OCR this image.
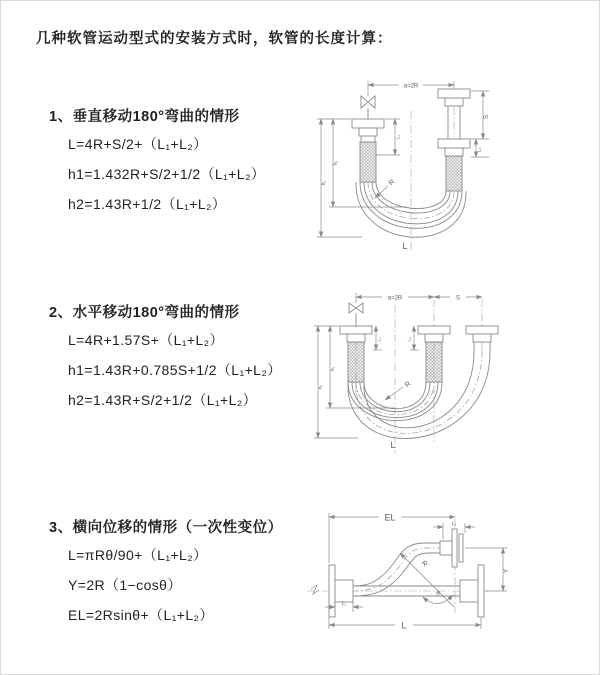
几种软管运动型式的安装方式时，软管的长度计算：
1、垂直移动180°弯曲的情形
L=4R+S/2+（L₁+L₂）
h1=1.432R+S/2+1/2（L₁+L₂）
h2=1.43R+1/2（L₁+L₂）
2、水平移动180°弯曲的情形
L=4R+1.57S+（L₁+L₂）
h1=1.43R+0.785S+1/2（L₁+L₂）
h2=1.43R+S/2+1/2（L₁+L₂）
3、横向位移的情形（一次性变位）
L=πRθ/90+（L₁+L₂）
Y=2R（1−cosθ）
EL=2Rsinθ+（L₁+L₂）
a=2R
S
L₂
L₁
h₁
h₂	R
L
a=2R	S
L₁	L₂
h₁
h₂	R
L
EL
L₁
Y
R
θ
L
L₁
